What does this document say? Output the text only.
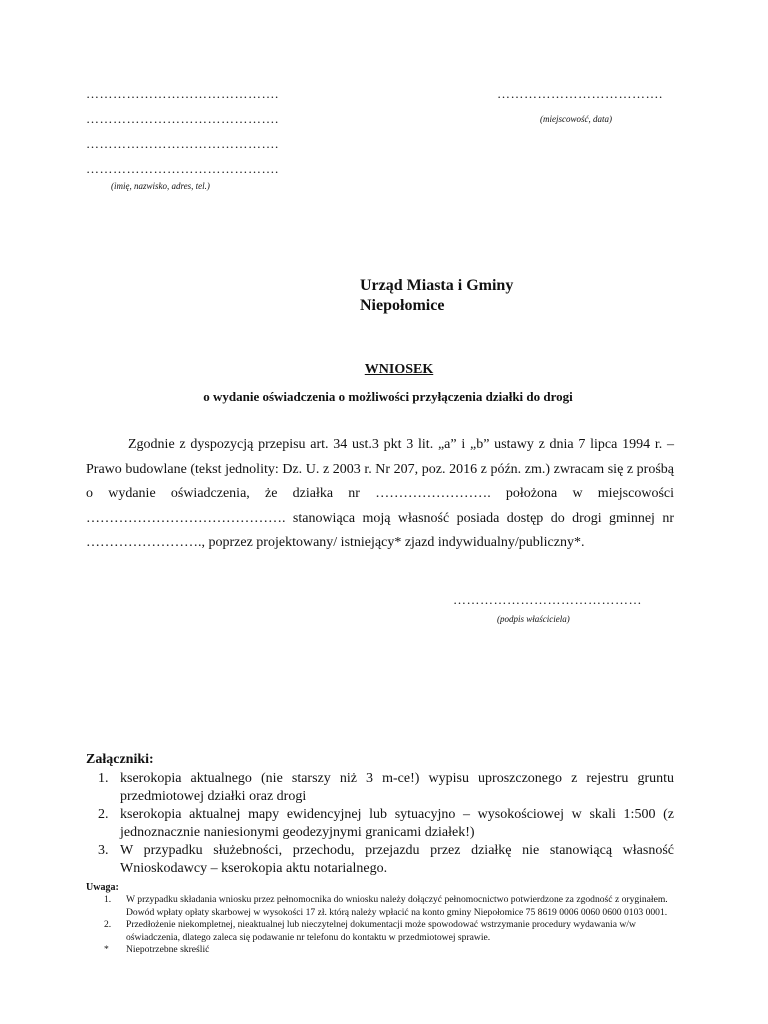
…………………………………….
…………………………………….
…………………………………….
…………………………………….
(imię, nazwisko, adres, tel.)
……………………………….
(miejscowość, data)
Urząd Miasta i Gminy
Niepołomice
WNIOSEK
o wydanie oświadczenia o możliwości przyłączenia działki do drogi

Zgodnie z dyspozycją przepisu art. 34 ust.3 pkt 3 lit. „a” i „b” ustawy z dnia 7 lipca 1994 r. – Prawo budowlane (tekst jednolity: Dz. U. z 2003 r. Nr 207, poz. 2016 z późn. zm.) zwracam się z prośbą o wydanie oświadczenia, że działka nr ……………………. położona w miejscowości ……………………………………. stanowiąca moją własność posiada dostęp do drogi gminnej nr ……………………., poprzez projektowany/ istniejący* zjazd indywidualny/publiczny*.

……………………………………
(podpis właściciela)
Załączniki:
1. kserokopia aktualnego (nie starszy niż 3 m-ce!) wypisu uproszczonego z rejestru gruntu przedmiotowej działki oraz drogi
2. kserokopia aktualnej mapy ewidencyjnej lub sytuacyjno – wysokościowej w skali 1:500 (z jednoznacznie naniesionymi geodezyjnymi granicami działek!)
3. W przypadku służebności, przechodu, przejazdu przez działkę nie stanowiącą własność Wnioskodawcy – kserokopia aktu notarialnego.
Uwaga:
1. W przypadku składania wniosku przez pełnomocnika do wniosku należy dołączyć pełnomocnictwo potwierdzone za zgodność z oryginałem. Dowód wpłaty opłaty skarbowej w wysokości 17 zł. którą należy wpłacić na konto gminy Niepołomice 75 8619 0006 0060 0600 0103 0001.
2. Przedłożenie niekompletnej, nieaktualnej lub nieczytelnej dokumentacji może spowodować wstrzymanie procedury wydawania w/w oświadczenia, dlatego zaleca się podawanie nr telefonu do kontaktu w przedmiotowej sprawie.
* Niepotrzebne skreślić
